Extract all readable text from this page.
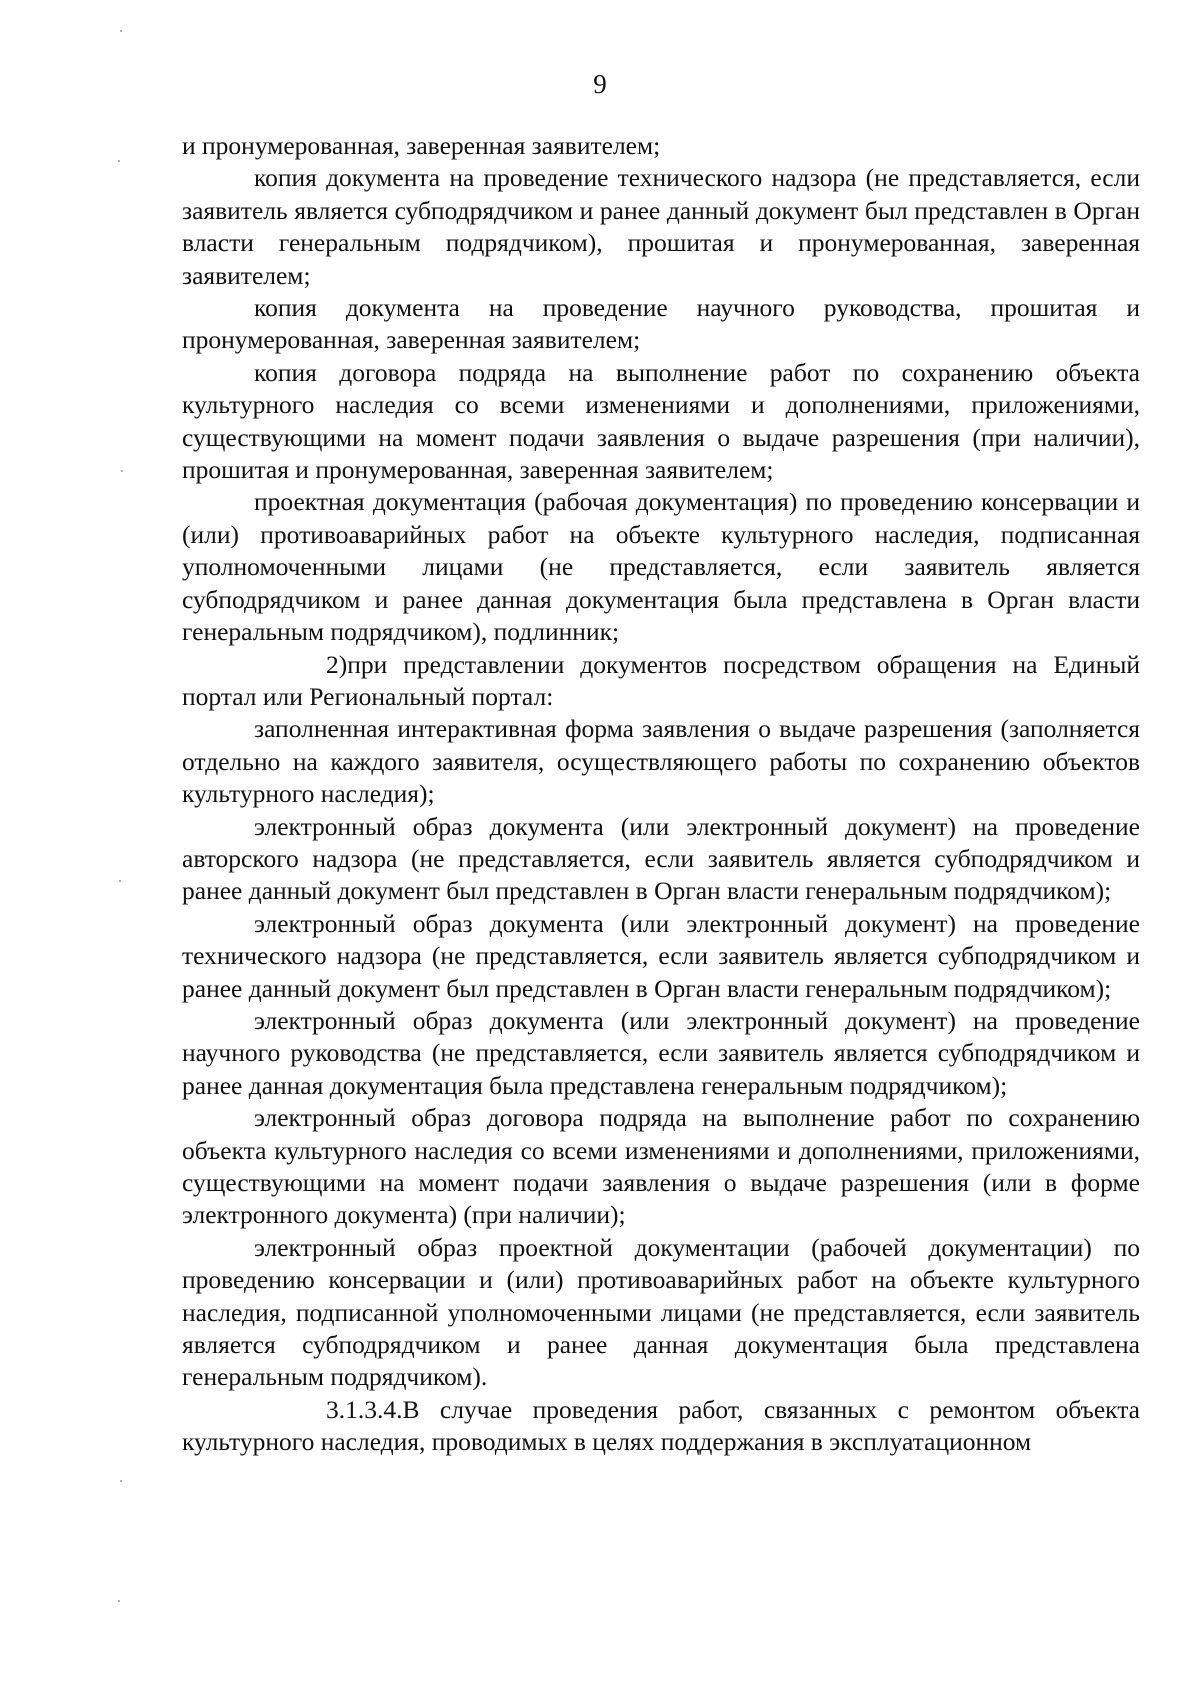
9

и пронумерованная, заверенная заявителем;

копия документа на проведение технического надзора (не представляется, если заявитель является субподрядчиком и ранее данный документ был представлен в Орган власти генеральным подрядчиком), прошитая и пронумерованная, заверенная заявителем;

копия документа на проведение научного руководства, прошитая и пронумерованная, заверенная заявителем;

копия договора подряда на выполнение работ по сохранению объекта культурного наследия со всеми изменениями и дополнениями, приложениями, существующими на момент подачи заявления о выдаче разрешения (при наличии), прошитая и пронумерованная, заверенная заявителем;

проектная документация (рабочая документация) по проведению консервации и (или) противоаварийных работ на объекте культурного наследия, подписанная уполномоченными лицами (не представляется, если заявитель является субподрядчиком и ранее данная документация была представлена в Орган власти генеральным подрядчиком), подлинник;

2)при представлении документов посредством обращения на Единый портал или Региональный портал:

заполненная интерактивная форма заявления о выдаче разрешения (заполняется отдельно на каждого заявителя, осуществляющего работы по сохранению объектов культурного наследия);

электронный образ документа (или электронный документ) на проведение авторского надзора (не представляется, если заявитель является субподрядчиком и ранее данный документ был представлен в Орган власти генеральным подрядчиком);

электронный образ документа (или электронный документ) на проведение технического надзора (не представляется, если заявитель является субподрядчиком и ранее данный документ был представлен в Орган власти генеральным подрядчиком);

электронный образ документа (или электронный документ) на проведение научного руководства (не представляется, если заявитель является субподрядчиком и ранее данная документация была представлена генеральным подрядчиком);

электронный образ договора подряда на выполнение работ по сохранению объекта культурного наследия со всеми изменениями и дополнениями, приложениями, существующими на момент подачи заявления о выдаче разрешения (или в форме электронного документа) (при наличии);

электронный образ проектной документации (рабочей документации) по проведению консервации и (или) противоаварийных работ на объекте культурного наследия, подписанной уполномоченными лицами (не представляется, если заявитель является субподрядчиком и ранее данная документация была представлена генеральным подрядчиком).

3.1.3.4.В случае проведения работ, связанных с ремонтом объекта культурного наследия, проводимых в целях поддержания в эксплуатационном
